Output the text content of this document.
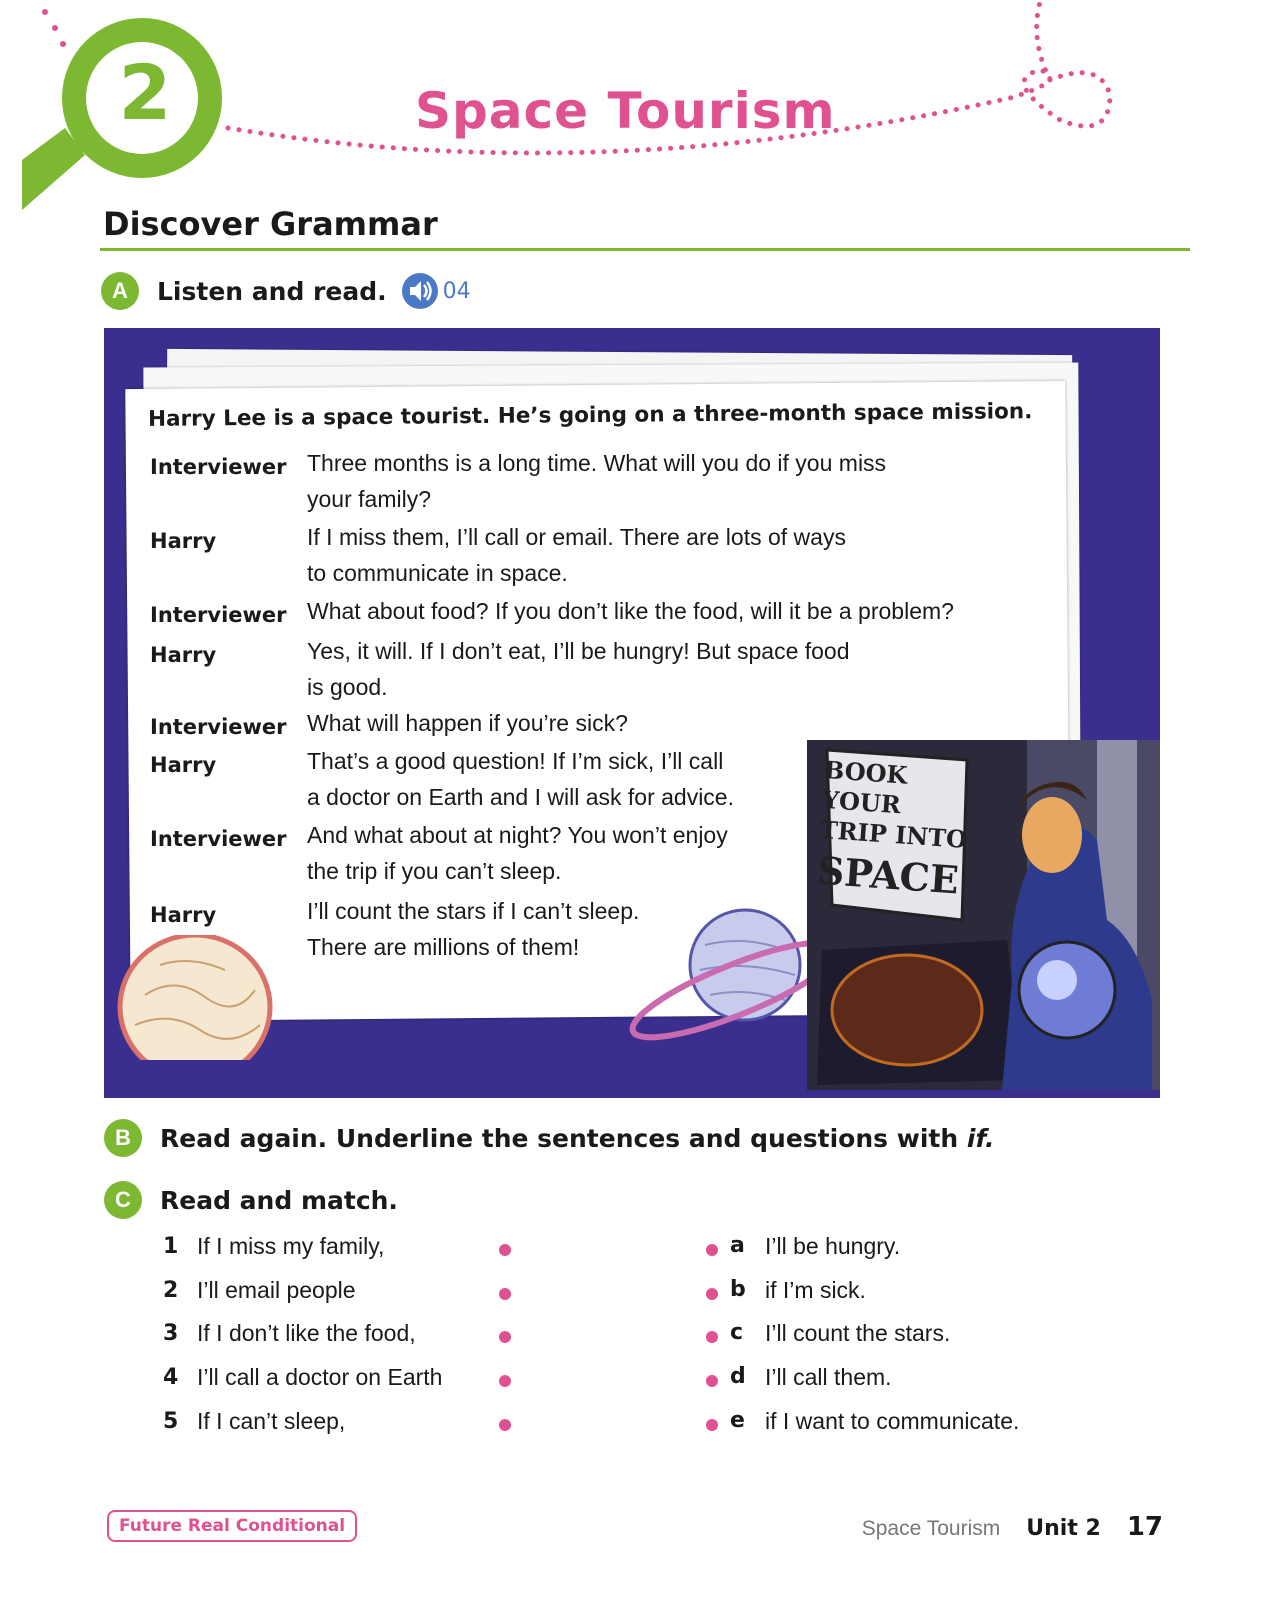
2	Space Tourism
Discover Grammar
A	Listen and read.	04
Harry Lee is a space tourist. He’s going on a three-month space mission.
Interviewer Three months is a long time. What will you do if you miss
your family?
Harry	If I miss them, I’ll call or email. There are lots of ways
to communicate in space.
Interviewer What about food? If you don’t like the food, will it be a problem?
Harry	Yes, it will. If I don’t eat, I’ll be hungry! But space food
is good.
Interviewer What will happen if you’re sick?
Harry	That’s a good question! If I’m sick, I’ll call
a doctor on Earth and I will ask for advice.
Interviewer And what about at night? You won’t enjoy
the trip if you can’t sleep.
Harry	I’ll count the stars if I can’t sleep.
There are millions of them!
BOOK YOUR
TRIP INTO
SPACE
B	Read again. Underline the sentences and questions with if.
C	Read and match.
1 If I miss my family,	a I’ll be hungry.
2 I’ll email people	b if I’m sick.
3 If I don’t like the food,	c I’ll count the stars.
4 I’ll call a doctor on Earth	d I’ll call them.
5 If I can’t sleep,	e if I want to communicate.
Future Real Conditional	Space Tourism Unit 2 17
